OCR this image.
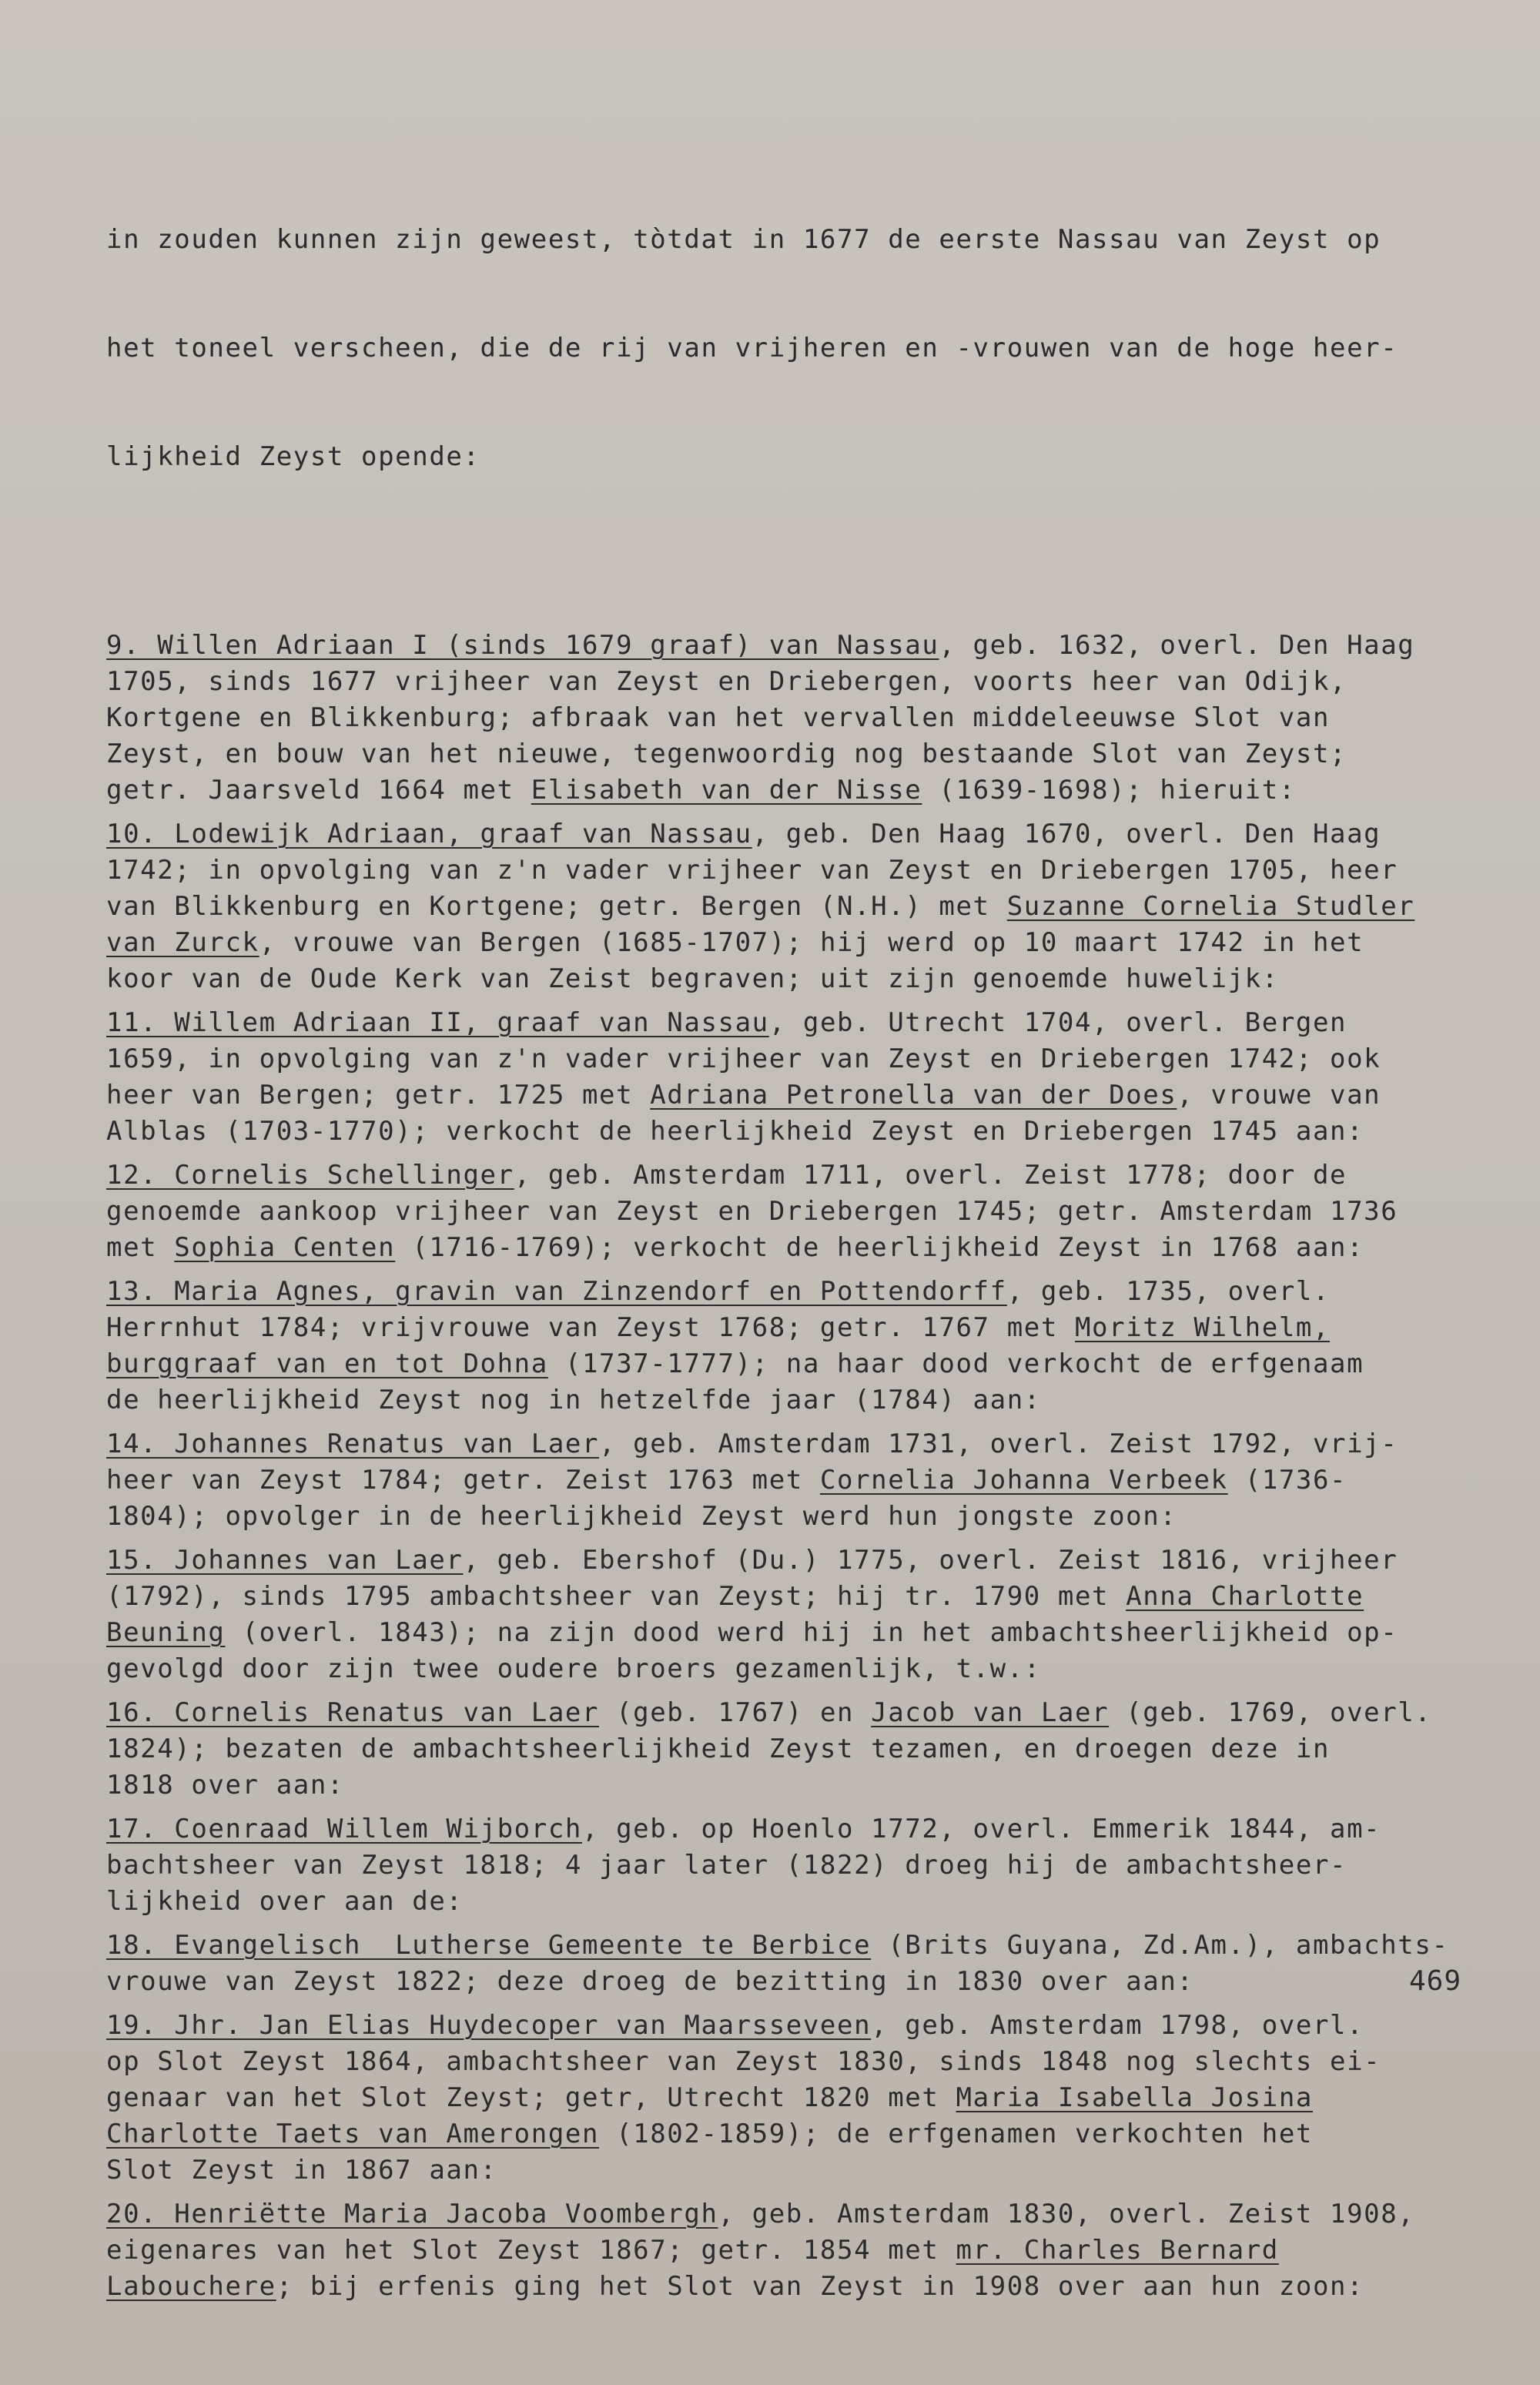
in zouden kunnen zijn geweest, tòtdat in 1677 de eerste Nassau van Zeyst op

het toneel verscheen, die de rij van vrijheren en -vrouwen van de hoge heer-

lijkheid Zeyst opende:

9. Willen Adriaan I (sinds 1679 graaf) van Nassau, geb. 1632, overl. Den Haag
1705, sinds 1677 vrijheer van Zeyst en Driebergen, voorts heer van Odijk,
Kortgene en Blikkenburg; afbraak van het vervallen middeleeuwse Slot van
Zeyst, en bouw van het nieuwe, tegenwoordig nog bestaande Slot van Zeyst;
getr. Jaarsveld 1664 met Elisabeth van der Nisse (1639-1698); hieruit:
10. Lodewijk Adriaan, graaf van Nassau, geb. Den Haag 1670, overl. Den Haag
1742; in opvolging van z'n vader vrijheer van Zeyst en Driebergen 1705, heer
van Blikkenburg en Kortgene; getr. Bergen (N.H.) met Suzanne Cornelia Studler
van Zurck, vrouwe van Bergen (1685-1707); hij werd op 10 maart 1742 in het
koor van de Oude Kerk van Zeist begraven; uit zijn genoemde huwelijk:
11. Willem Adriaan II, graaf van Nassau, geb. Utrecht 1704, overl. Bergen
1659, in opvolging van z'n vader vrijheer van Zeyst en Driebergen 1742; ook
heer van Bergen; getr. 1725 met Adriana Petronella van der Does, vrouwe van
Alblas (1703-1770); verkocht de heerlijkheid Zeyst en Driebergen 1745 aan:
12. Cornelis Schellinger, geb. Amsterdam 1711, overl. Zeist 1778; door de
genoemde aankoop vrijheer van Zeyst en Driebergen 1745; getr. Amsterdam 1736
met Sophia Centen (1716-1769); verkocht de heerlijkheid Zeyst in 1768 aan:
13. Maria Agnes, gravin van Zinzendorf en Pottendorff, geb. 1735, overl.
Herrnhut 1784; vrijvrouwe van Zeyst 1768; getr. 1767 met Moritz Wilhelm,
burggraaf van en tot Dohna (1737-1777); na haar dood verkocht de erfgenaam
de heerlijkheid Zeyst nog in hetzelfde jaar (1784) aan:
14. Johannes Renatus van Laer, geb. Amsterdam 1731, overl. Zeist 1792, vrij-
heer van Zeyst 1784; getr. Zeist 1763 met Cornelia Johanna Verbeek (1736-
1804); opvolger in de heerlijkheid Zeyst werd hun jongste zoon:
15. Johannes van Laer, geb. Ebershof (Du.) 1775, overl. Zeist 1816, vrijheer
(1792), sinds 1795 ambachtsheer van Zeyst; hij tr. 1790 met Anna Charlotte
Beuning (overl. 1843); na zijn dood werd hij in het ambachtsheerlijkheid op-
gevolgd door zijn twee oudere broers gezamenlijk, t.w.:
16. Cornelis Renatus van Laer (geb. 1767) en Jacob van Laer (geb. 1769, overl.
1824); bezaten de ambachtsheerlijkheid Zeyst tezamen, en droegen deze in
1818 over aan:
17. Coenraad Willem Wijborch, geb. op Hoenlo 1772, overl. Emmerik 1844, am-
bachtsheer van Zeyst 1818; 4 jaar later (1822) droeg hij de ambachtsheer-
lijkheid over aan de:
18. Evangelisch  Lutherse Gemeente te Berbice (Brits Guyana, Zd.Am.), ambachts-
vrouwe van Zeyst 1822; deze droeg de bezitting in 1830 over aan:
19. Jhr. Jan Elias Huydecoper van Maarsseveen, geb. Amsterdam 1798, overl.
op Slot Zeyst 1864, ambachtsheer van Zeyst 1830, sinds 1848 nog slechts ei-
genaar van het Slot Zeyst; getr, Utrecht 1820 met Maria Isabella Josina
Charlotte Taets van Amerongen (1802-1859); de erfgenamen verkochten het
Slot Zeyst in 1867 aan:
20. Henriëtte Maria Jacoba Voombergh, geb. Amsterdam 1830, overl. Zeist 1908,
eigenares van het Slot Zeyst 1867; getr. 1854 met mr. Charles Bernard
Labouchere; bij erfenis ging het Slot van Zeyst in 1908 over aan hun zoon:

469
